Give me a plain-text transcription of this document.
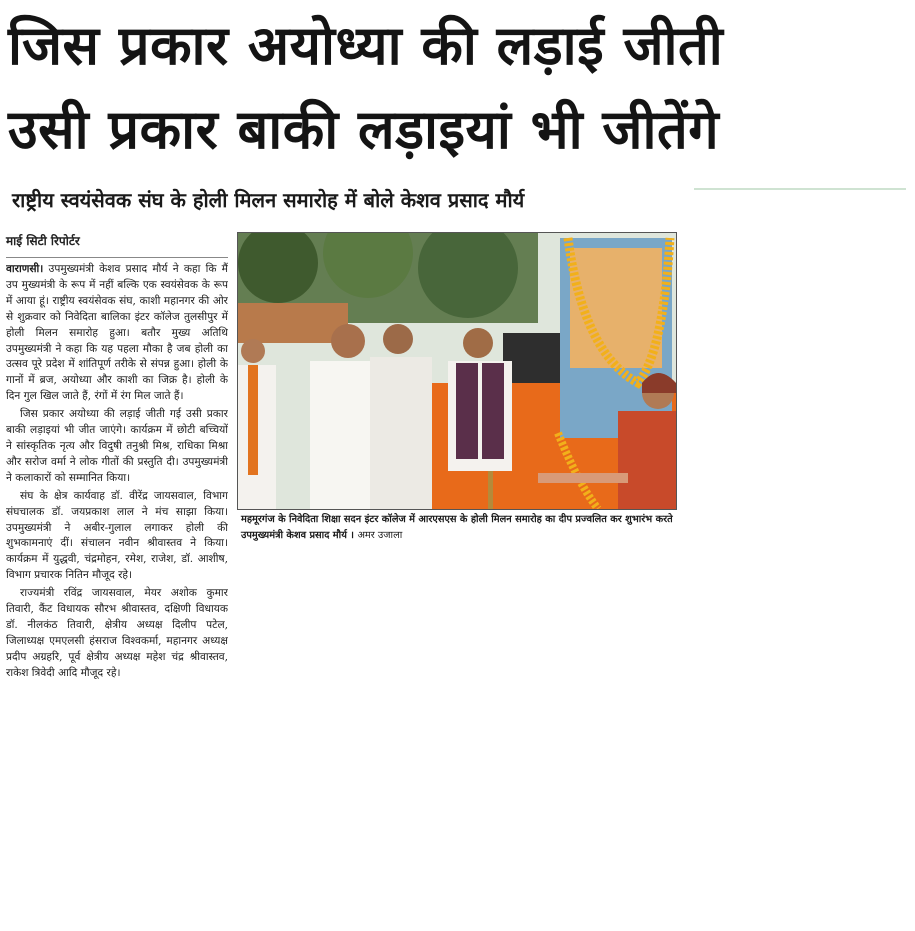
जिस प्रकार अयोध्या की लड़ाई जीती
उसी प्रकार बाकी लड़ाइयां भी जीतेंगे
राष्ट्रीय स्वयंसेवक संघ के होली मिलन समारोह में बोले केशव प्रसाद मौर्य
माई सिटी रिपोर्टर

वाराणसी। उपमुख्यमंत्री केशव प्रसाद मौर्य ने कहा कि मैं उप मुख्यमंत्री के रूप में नहीं बल्कि एक स्वयंसेवक के रूप में आया हूं। राष्ट्रीय स्वयंसेवक संघ, काशी महानगर की ओर से शुक्रवार को निवेदिता बालिका इंटर कॉलेज तुलसीपुर में होली मिलन समारोह हुआ। बतौर मुख्य अतिथि उपमुख्यमंत्री ने कहा कि यह पहला मौका है जब होली का उत्सव पूरे प्रदेश में शांतिपूर्ण तरीके से संपन्न हुआ। होली के गानों में ब्रज, अयोध्या और काशी का जिक्र है। होली के दिन गुल खिल जाते हैं, रंगों में रंग मिल जाते हैं।

जिस प्रकार अयोध्या की लड़ाई जीती गई उसी प्रकार बाकी लड़ाइयां भी जीत जाएंगे। कार्यक्रम में छोटी बच्चियों ने सांस्कृतिक नृत्य और विदुषी तनुश्री मिश्र, राधिका मिश्रा और सरोज वर्मा ने लोक गीतों की प्रस्तुति दी। उपमुख्यमंत्री ने कलाकारों को सम्मानित किया।

संघ के क्षेत्र कार्यवाह डॉ. वीरेंद्र जायसवाल, विभाग संघचालक डॉ. जयप्रकाश लाल ने मंच साझा किया। उपमुख्यमंत्री ने अबीर-गुलाल लगाकर होली की शुभकामनाएं दीं। संचालन नवीन श्रीवास्तव ने किया। कार्यक्रम में युद्धवी, चंद्रमोहन, रमेश, राजेश, डॉ. आशीष, विभाग प्रचारक नितिन मौजूद रहे।

राज्यमंत्री रविंद्र जायसवाल, मेयर अशोक कुमार तिवारी, कैंट विधायक सौरभ श्रीवास्तव, दक्षिणी विधायक डॉ. नीलकंठ तिवारी, क्षेत्रीय अध्यक्ष दिलीप पटेल, जिलाध्यक्ष एमएलसी हंसराज विश्वकर्मा, महानगर अध्यक्ष प्रदीप अग्रहरि, पूर्व क्षेत्रीय अध्यक्ष महेश चंद्र श्रीवास्तव, राकेश त्रिवेदी आदि मौजूद रहे।

महमूरगंज के निवेदिता शिक्षा सदन इंटर कॉलेज में आरएसएस के होली मिलन समारोह का दीप प्रज्वलित कर शुभारंभ करते उपमुख्यमंत्री केशव प्रसाद मौर्य । अमर उजाला
